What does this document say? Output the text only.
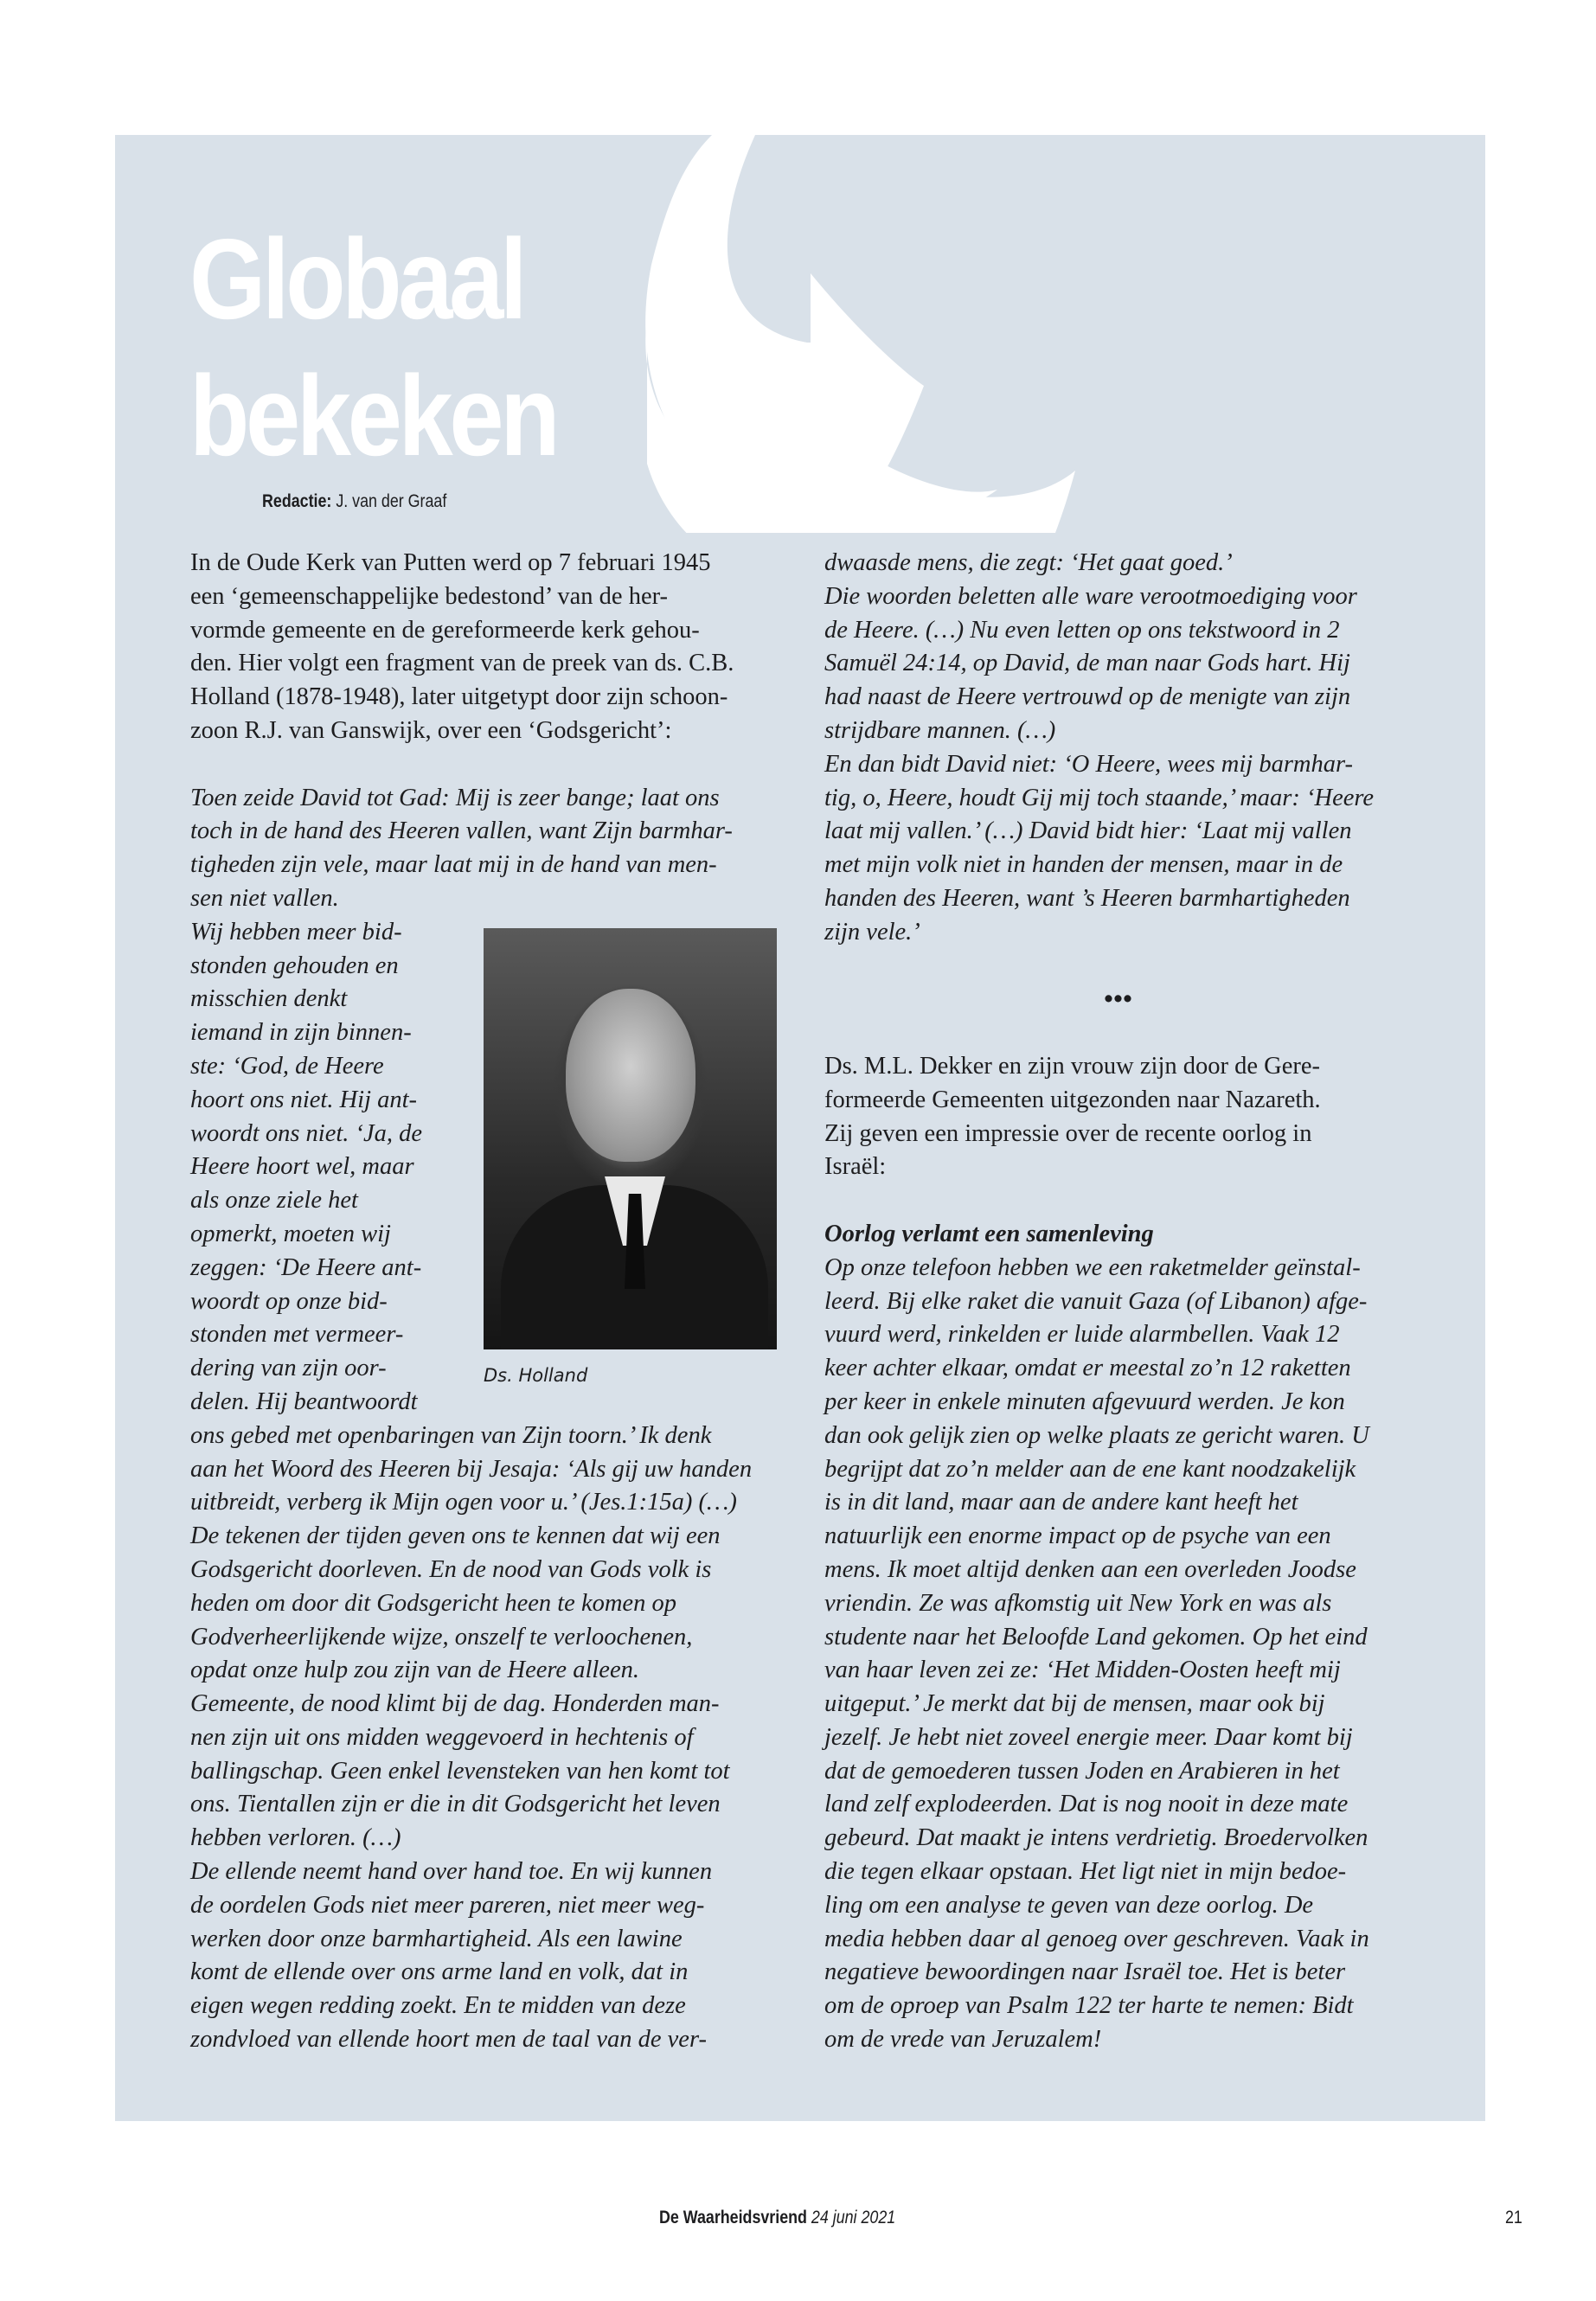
Globaal
bekeken
Redactie: J. van der Graaf
In de Oude Kerk van Putten werd op 7 februari 1945
een ‘gemeenschappelijke bedestond’ van de her-
vormde gemeente en de gereformeerde kerk gehou-
den. Hier volgt een fragment van de preek van ds. C.B.
Holland (1878-1948), later uitgetypt door zijn schoon-
zoon R.J. van Ganswijk, over een ‘Godsgericht’:
Toen zeide David tot Gad: Mij is zeer bange; laat ons
toch in de hand des Heeren vallen, want Zijn barmhar-
tigheden zijn vele, maar laat mij in de hand van men-
sen niet vallen.
Wij hebben meer bid-
stonden gehouden en
misschien denkt
iemand in zijn binnen-
ste: ‘God, de Heere
hoort ons niet. Hij ant-
woordt ons niet. ‘Ja, de
Heere hoort wel, maar
als onze ziele het
opmerkt, moeten wij
zeggen: ‘De Heere ant-
woordt op onze bid-
stonden met vermeer-
dering van zijn oor-
delen. Hij beantwoordt
ons gebed met openbaringen van Zijn toorn.’ Ik denk
aan het Woord des Heeren bij Jesaja: ‘Als gij uw handen
uitbreidt, verberg ik Mijn ogen voor u.’ (Jes.1:15a) (…)
De tekenen der tijden geven ons te kennen dat wij een
Godsgericht doorleven. En de nood van Gods volk is
heden om door dit Godsgericht heen te komen op
Godverheerlijkende wijze, onszelf te verloochenen,
opdat onze hulp zou zijn van de Heere alleen.
Gemeente, de nood klimt bij de dag. Honderden man-
nen zijn uit ons midden weggevoerd in hechtenis of
ballingschap. Geen enkel levensteken van hen komt tot
ons. Tientallen zijn er die in dit Godsgericht het leven
hebben verloren. (…)
De ellende neemt hand over hand toe. En wij kunnen
de oordelen Gods niet meer pareren, niet meer weg-
werken door onze barmhartigheid. Als een lawine
komt de ellende over ons arme land en volk, dat in
eigen wegen redding zoekt. En te midden van deze
zondvloed van ellende hoort men de taal van de ver-
dwaasde mens, die zegt: ‘Het gaat goed.’
Die woorden beletten alle ware verootmoediging voor
de Heere. (…) Nu even letten op ons tekstwoord in 2
Samuël 24:14, op David, de man naar Gods hart. Hij
had naast de Heere vertrouwd op de menigte van zijn
strijdbare mannen. (…)
En dan bidt David niet: ‘O Heere, wees mij barmhar-
tig, o, Heere, houdt Gij mij toch staande,’ maar: ‘Heere
laat mij vallen.’ (…) David bidt hier: ‘Laat mij vallen
met mijn volk niet in handen der mensen, maar in de
handen des Heeren, want ’s Heeren barmhartigheden
zijn vele.’
•••
Ds. M.L. Dekker en zijn vrouw zijn door de Gere-
formeerde Gemeenten uitgezonden naar Nazareth.
Zij geven een impressie over de recente oorlog in
Israël:
Oorlog verlamt een samenleving
Op onze telefoon hebben we een raketmelder geïnstal-
leerd. Bij elke raket die vanuit Gaza (of Libanon) afge-
vuurd werd, rinkelden er luide alarmbellen. Vaak 12
keer achter elkaar, omdat er meestal zo’n 12 raketten
per keer in enkele minuten afgevuurd werden. Je kon
dan ook gelijk zien op welke plaats ze gericht waren. U
begrijpt dat zo’n melder aan de ene kant noodzakelijk
is in dit land, maar aan de andere kant heeft het
natuurlijk een enorme impact op de psyche van een
mens. Ik moet altijd denken aan een overleden Joodse
vriendin. Ze was afkomstig uit New York en was als
studente naar het Beloofde Land gekomen. Op het eind
van haar leven zei ze: ‘Het Midden-Oosten heeft mij
uitgeput.’ Je merkt dat bij de mensen, maar ook bij
jezelf. Je hebt niet zoveel energie meer. Daar komt bij
dat de gemoederen tussen Joden en Arabieren in het
land zelf explodeerden. Dat is nog nooit in deze mate
gebeurd. Dat maakt je intens verdrietig. Broedervolken
die tegen elkaar opstaan. Het ligt niet in mijn bedoe-
ling om een analyse te geven van deze oorlog. De
media hebben daar al genoeg over geschreven. Vaak in
negatieve bewoordingen naar Israël toe. Het is beter
om de oproep van Psalm 122 ter harte te nemen: Bidt
om de vrede van Jeruzalem!
Ds. Holland
De Waarheidsvriend 24 juni 2021	21
